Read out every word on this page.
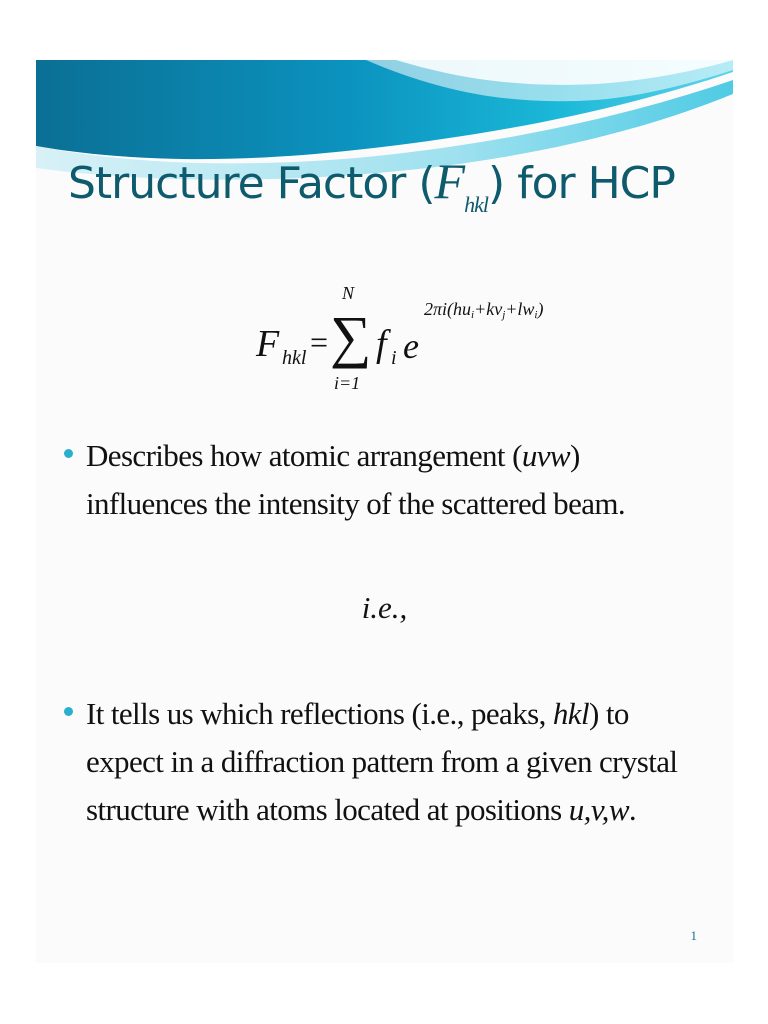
Structure Factor $(F_{hkl})$ for HCP
F hkl =
N
∑
i=1
f i e
$2\pi i(hu_i+kv_j+lw_i)$
Describes how atomic arrangement (uvw) influences the intensity of the scattered beam.
i.e.,
It tells us which reflections (i.e., peaks, hkl) to expect in a diffraction pattern from a given crystal structure with atoms located at positions u,v,w.
1
